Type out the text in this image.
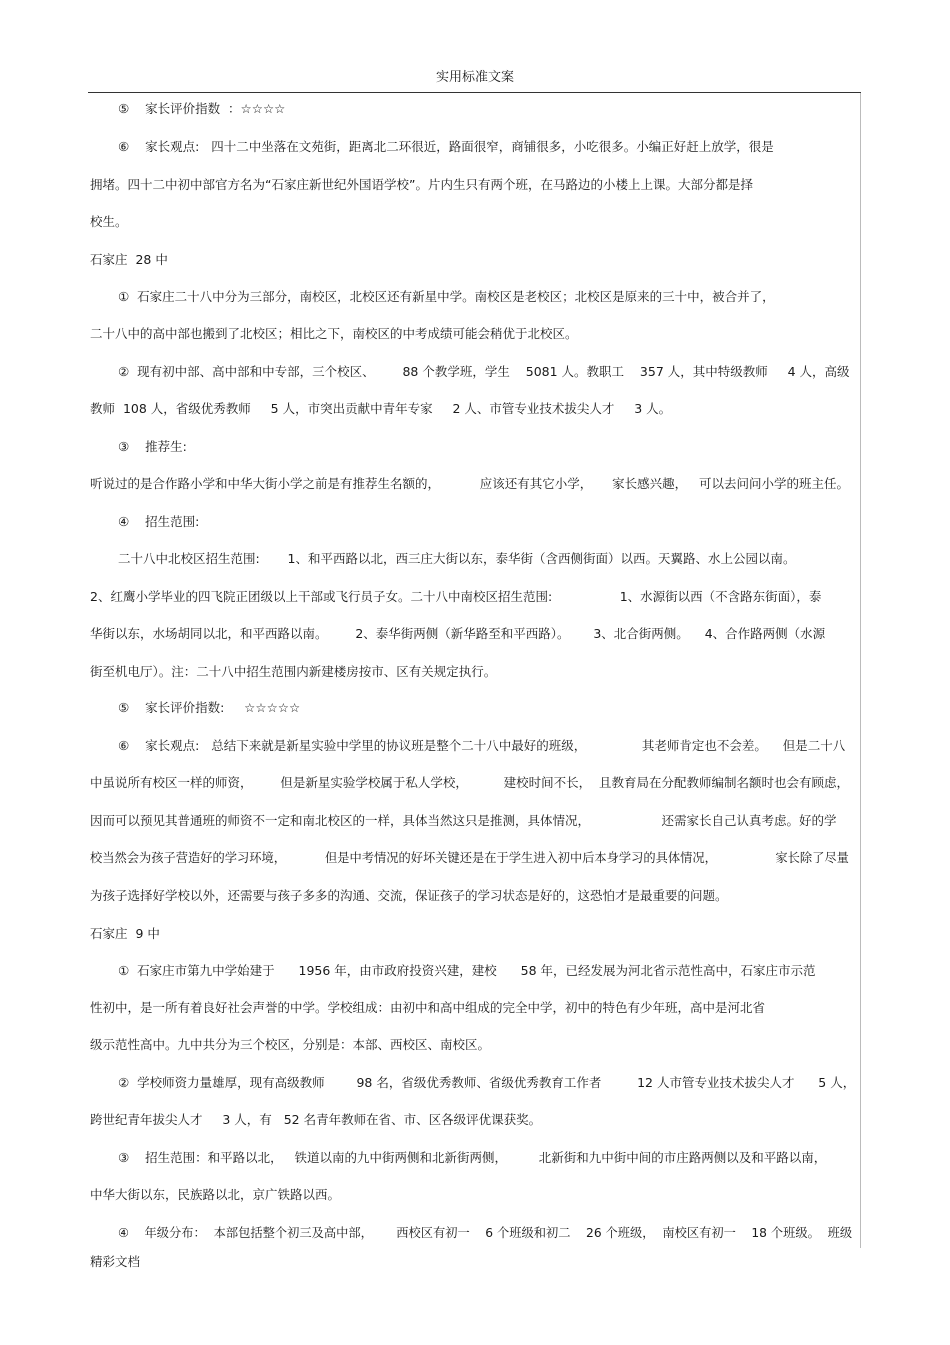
实用标准文案
⑤    家长评价指数  ：☆☆☆☆
⑥    家长观点:   四十二中坐落在文苑街，距离北二环很近，路面很窄，商铺很多，小吃很多。小编正好赶上放学，很是
拥堵。四十二中初中部官方名为“石家庄新世纪外国语学校”。片内生只有两个班，在马路边的小楼上上课。大部分都是择
校生。
石家庄  28 中
①  石家庄二十八中分为三部分，南校区，北校区还有新星中学。南校区是老校区；北校区是原来的三十中，被合并了，
二十八中的高中部也搬到了北校区；相比之下，南校区的中考成绩可能会稍优于北校区。
②  现有初中部、高中部和中专部，三个校区、       88 个教学班，学生    5081 人。教职工    357 人，其中特级教师     4 人，高级
教师  108 人，省级优秀教师     5 人，市突出贡献中青年专家     2 人、市管专业技术拔尖人才     3 人。
③    推荐生:
听说过的是合作路小学和中华大街小学之前是有推荐生名额的，          应该还有其它小学，     家长感兴趣，   可以去问问小学的班主任。
④    招生范围:
二十八中北校区招生范围:       1、和平西路以北，西三庄大街以东，泰华街（含西侧街面）以西。天翼路、水上公园以南。
2、红鹰小学毕业的四飞院正团级以上干部或飞行员子女。二十八中南校区招生范围:                 1、水源街以西（不含路东街面），泰
华街以东，水场胡同以北，和平西路以南。       2、泰华街两侧（新华路至和平西路）。      3、北合街两侧。    4、合作路两侧（水源
街至机电厅）。注：二十八中招生范围内新建楼房按市、区有关规定执行。
⑤    家长评价指数:     ☆☆☆☆☆
⑥    家长观点:   总结下来就是新星实验中学里的协议班是整个二十八中最好的班级，              其老师肯定也不会差。    但是二十八
中虽说所有校区一样的师资，       但是新星实验学校属于私人学校，         建校时间不长，  且教育局在分配教师编制名额时也会有顾虑，
因而可以预见其普通班的师资不一定和南北校区的一样，具体当然这只是推测，具体情况，                  还需家长自己认真考虑。好的学
校当然会为孩子营造好的学习环境，          但是中考情况的好坏关键还是在于学生进入初中后本身学习的具体情况，               家长除了尽量
为孩子选择好学校以外，还需要与孩子多多的沟通、交流，保证孩子的学习状态是好的，这恐怕才是最重要的问题。
石家庄  9 中
①  石家庄市第九中学始建于      1956 年，由市政府投资兴建，建校      58 年，已经发展为河北省示范性高中，石家庄市示范
性初中，是一所有着良好社会声誉的中学。学校组成：由初中和高中组成的完全中学，初中的特色有少年班，高中是河北省
级示范性高中。九中共分为三个校区，分别是：本部、西校区、南校区。
②  学校师资力量雄厚，现有高级教师        98 名，省级优秀教师、省级优秀教育工作者         12 人市管专业技术拔尖人才      5 人，
跨世纪青年拔尖人才     3 人，有   52 名青年教师在省、市、区各级评优课获奖。
③    招生范围：和平路以北，   铁道以南的九中街两侧和北新街两侧，        北新街和九中街中间的市庄路两侧以及和平路以南，
中华大街以东，民族路以北，京广铁路以西。
④    年级分布：  本部包括整个初三及高中部，      西校区有初一    6 个班级和初二    26 个班级，  南校区有初一    18 个班级。  班级
精彩文档
